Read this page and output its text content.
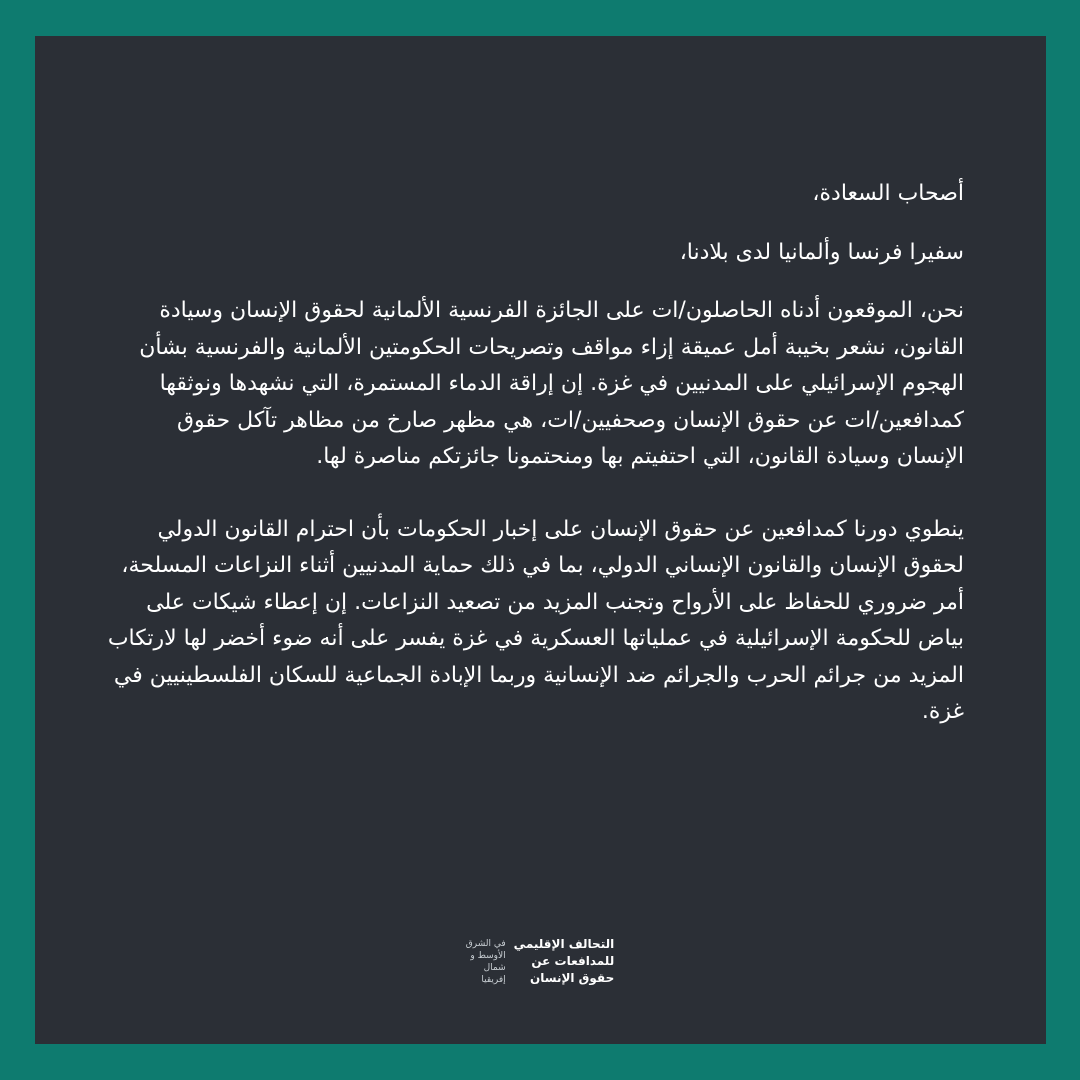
أصحاب السعادة،

سفيرا فرنسا وألمانيا لدى بلادنا،

نحن، الموقعون أدناه الحاصلون/ات على الجائزة الفرنسية الألمانية لحقوق الإنسان وسيادة القانون، نشعر بخيبة أمل عميقة إزاء مواقف وتصريحات الحكومتين الألمانية والفرنسية بشأن الهجوم الإسرائيلي على المدنيين في غزة. إن إراقة الدماء المستمرة، التي نشهدها ونوثقها كمدافعين/ات عن حقوق الإنسان وصحفيين/ات، هي مظهر صارخ من مظاهر تآكل حقوق الإنسان وسيادة القانون، التي احتفيتم بها ومنحتمونا جائزتكم مناصرة لها.

ينطوي دورنا كمدافعين عن حقوق الإنسان على إخبار الحكومات بأن احترام القانون الدولي لحقوق الإنسان والقانون الإنساني الدولي، بما في ذلك حماية المدنيين أثناء النزاعات المسلحة، أمر ضروري للحفاظ على الأرواح وتجنب المزيد من تصعيد النزاعات. إن إعطاء شيكات على بياض للحكومة الإسرائيلية في عملياتها العسكرية في غزة يفسر على أنه ضوء أخضر لها لارتكاب المزيد من جرائم الحرب والجرائم ضد الإنسانية وربما الإبادة الجماعية للسكان الفلسطينيين في غزة.

التحالف الإقليمي
للمدافعات عن
حقوق الإنسان
في الشرق
الأوسط و
شمال
إفريقيا
